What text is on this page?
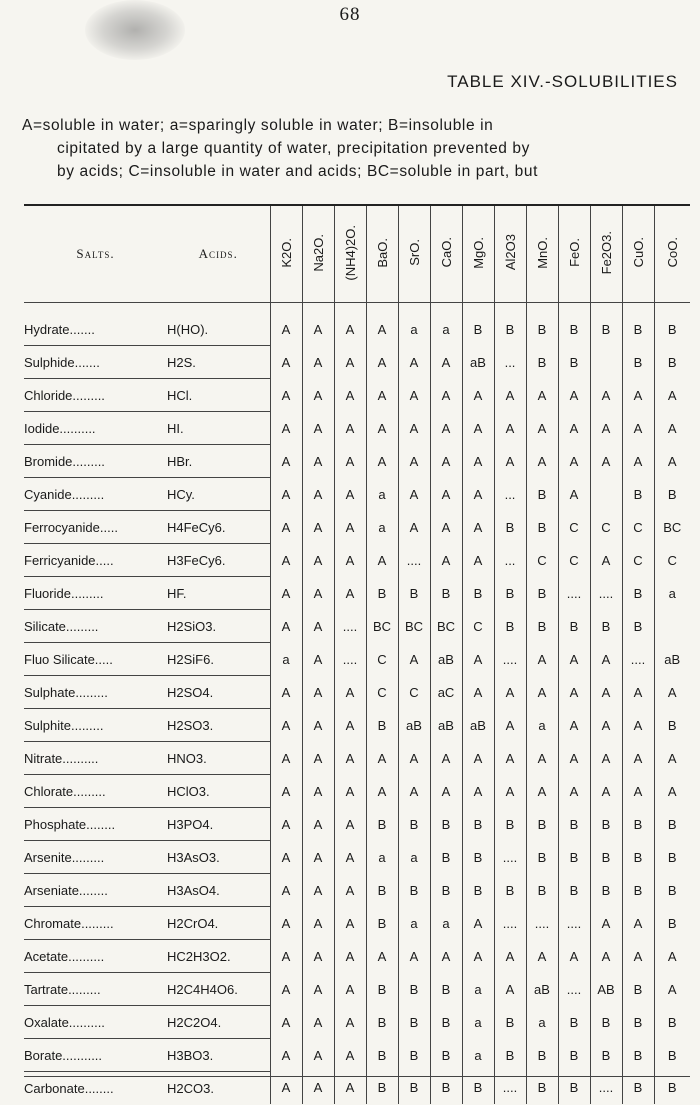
68
TABLE XIV.-SOLUBILITIES
A=soluble in water; a=sparingly soluble in water; B=insoluble in
cipitated by a large quantity of water, precipitation prevented by
by acids; C=insoluble in water and acids; BC=soluble in part, but
Salts.	Acids.	K2O.	Na2O.	(NH4)2O.	BaO.	SrO.	CaO.	MgO.	Al2O3	MnO.	FeO.	Fe2O3.	CuO.	CoO.

Hydrate.......	H(HO).	A	A	A	A	a	a	B	B	B	B	B	B	B
Sulphide.......	H2S.	A	A	A	A	A	A	aB	...	B	B		B	B
Chloride.........	HCl.	A	A	A	A	A	A	A	A	A	A	A	A	A
Iodide..........	HI.	A	A	A	A	A	A	A	A	A	A	A	A	A
Bromide.........	HBr.	A	A	A	A	A	A	A	A	A	A	A	A	A
Cyanide.........	HCy.	A	A	A	a	A	A	A	...	B	A		B	B
Ferrocyanide.....	H4FeCy6.	A	A	A	a	A	A	A	B	B	C	C	C	BC
Ferricyanide.....	H3FeCy6.	A	A	A	A	....	A	A	...	C	C	A	C	C
Fluoride.........	HF.	A	A	A	B	B	B	B	B	B	....	....	B	a
Silicate.........	H2SiO3.	A	A	....	BC	BC	BC	C	B	B	B	B	B	
Fluo Silicate.....	H2SiF6.	a	A	....	C	A	aB	A	....	A	A	A	....	aB
Sulphate.........	H2SO4.	A	A	A	C	C	aC	A	A	A	A	A	A	A
Sulphite.........	H2SO3.	A	A	A	B	aB	aB	aB	A	a	A	A	A	B
Nitrate..........	HNO3.	A	A	A	A	A	A	A	A	A	A	A	A	A
Chlorate.........	HClO3.	A	A	A	A	A	A	A	A	A	A	A	A	A
Phosphate........	H3PO4.	A	A	A	B	B	B	B	B	B	B	B	B	B
Arsenite.........	H3AsO3.	A	A	A	a	a	B	B	....	B	B	B	B	B
Arseniate........	H3AsO4.	A	A	A	B	B	B	B	B	B	B	B	B	B
Chromate.........	H2CrO4.	A	A	A	B	a	a	A	....	....	....	A	A	B
Acetate..........	HC2H3O2.	A	A	A	A	A	A	A	A	A	A	A	A	A
Tartrate.........	H2C4H4O6.	A	A	A	B	B	B	a	A	aB	....	AB	B	A
Oxalate..........	H2C2O4.	A	A	A	B	B	B	a	B	a	B	B	B	B
Borate...........	H3BO3.	A	A	A	B	B	B	a	B	B	B	B	B	B
Carbonate........	H2CO3.	A	A	A	B	B	B	B	....	B	B	....	B	B
